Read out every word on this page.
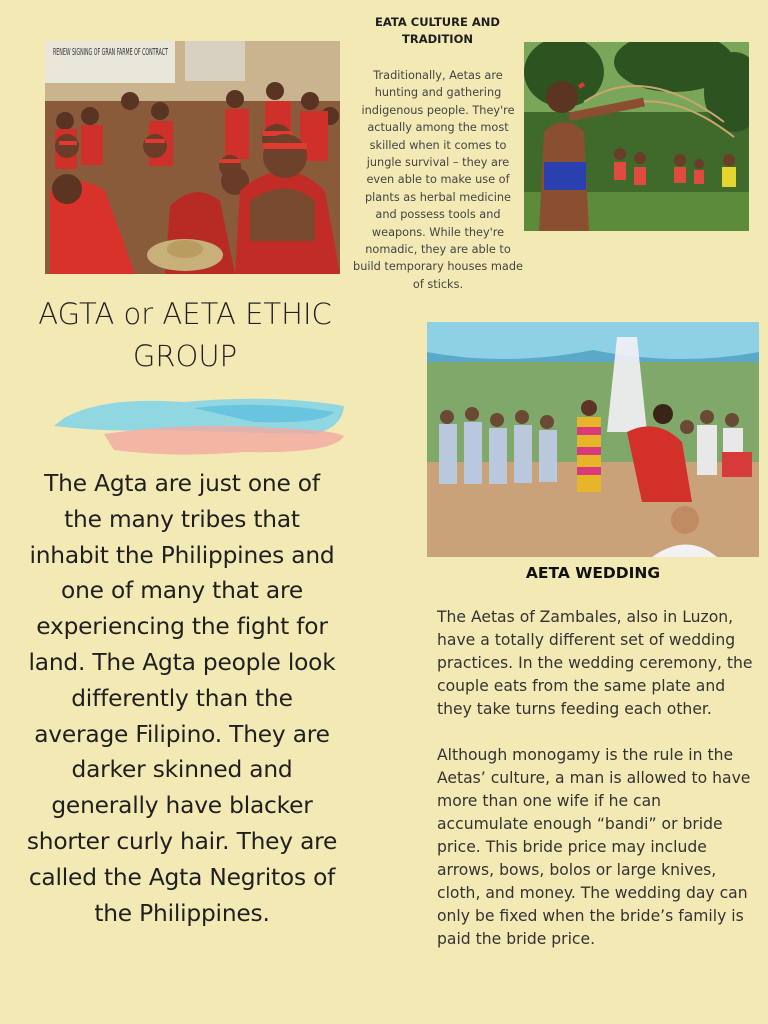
RENEW SIGNING OF GRAN FARME OF CONTRACT
EATA CULTURE AND TRADITION
Traditionally, Aetas are hunting and gathering indigenous people. They're actually among the most skilled when it comes to jungle survival – they are even able to make use of plants as herbal medicine and possess tools and weapons. While they're nomadic, they are able to build temporary houses made of sticks.
AGTA or AETA ETHIC GROUP
The Agta are just one of the many tribes that inhabit the Philippines and one of many that are experiencing the fight for land. The Agta people look differently than the average Filipino. They are darker skinned and generally have blacker shorter curly hair. They are called the Agta Negritos of the Philippines.
AETA WEDDING

The Aetas of Zambales, also in Luzon, have a totally different set of wedding practices. In the wedding ceremony, the couple eats from the same plate and they take turns feeding each other.

Although monogamy is the rule in the Aetas’ culture, a man is allowed to have more than one wife if he can accumulate enough “bandi” or bride price. This bride price may include arrows, bows, bolos or large knives, cloth, and money. The wedding day can only be fixed when the bride’s family is paid the bride price.
